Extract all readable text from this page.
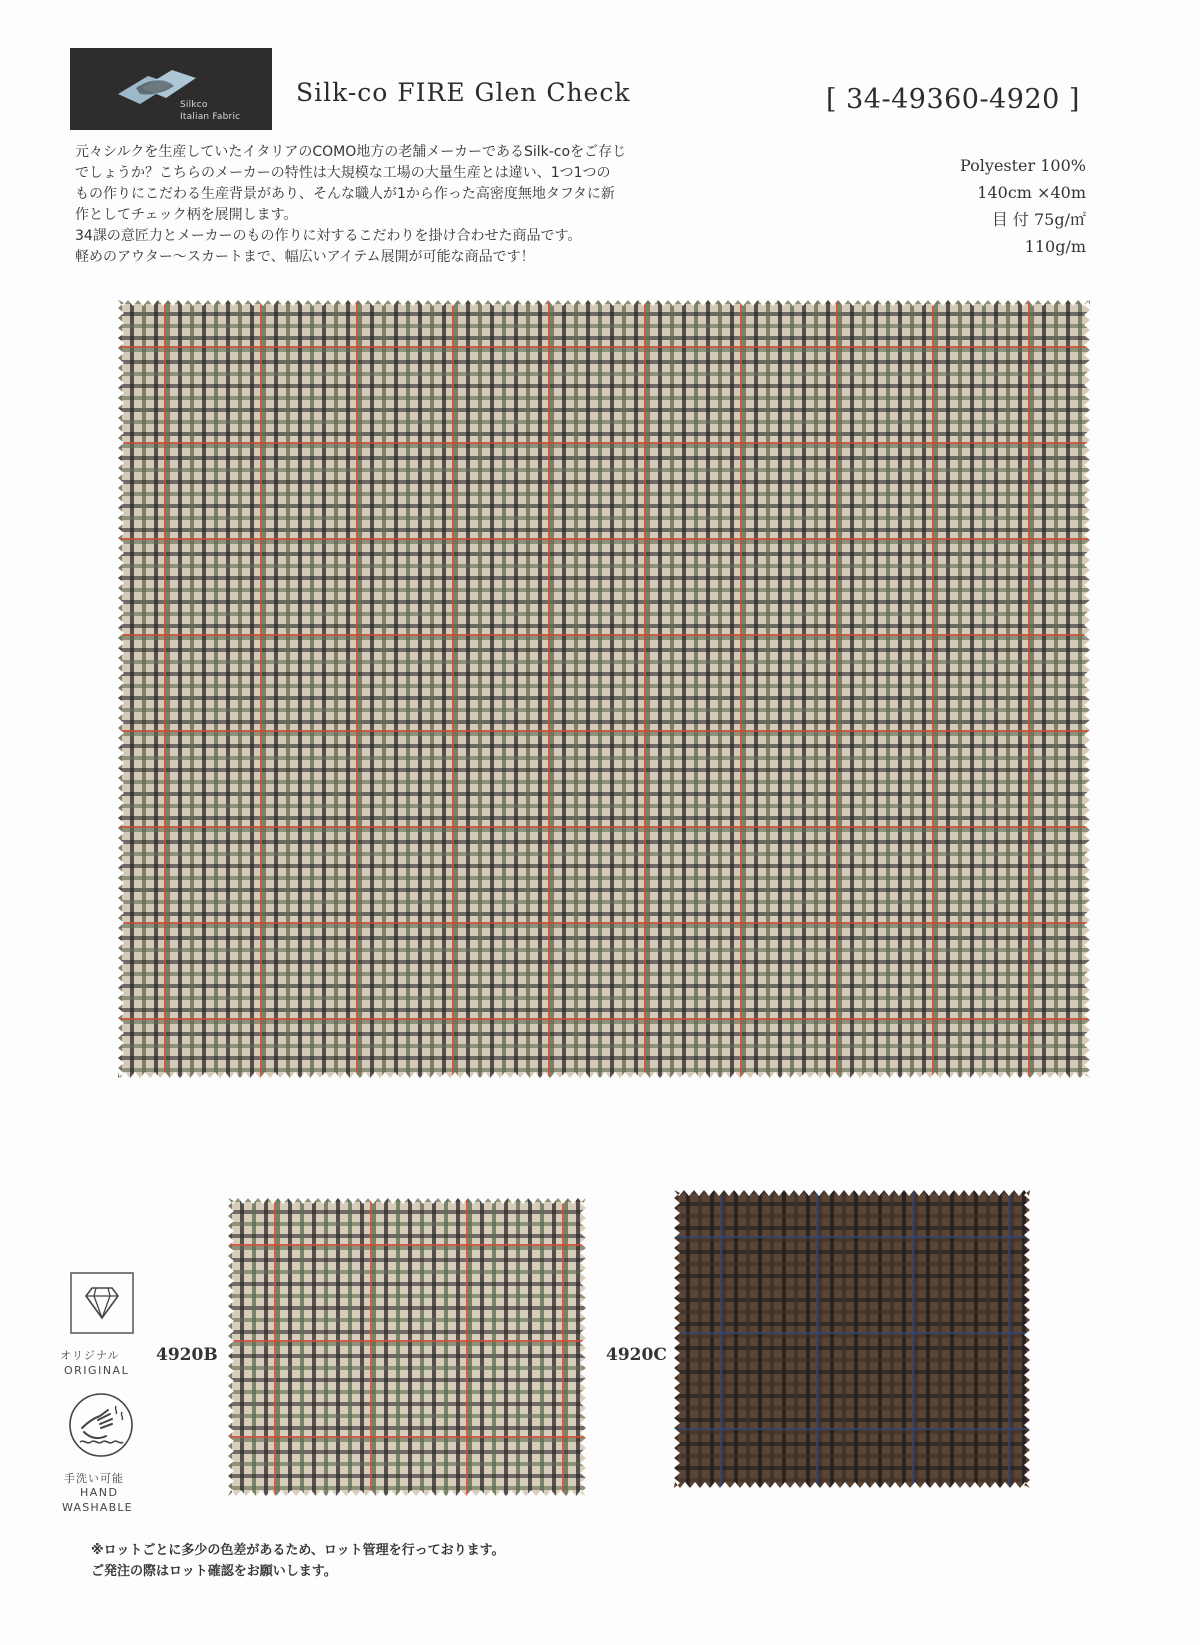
Silkco
Italian Fabric
Silk-co FIRE Glen Check	[ 34-49360-4920 ]
元々シルクを生産していたイタリアのCOMO地方の老舗メーカーであるSilk-coをご存じ
でしょうか？こちらのメーカーの特性は大規模な工場の大量生産とは違い、1つ1つの
もの作りにこだわる生産背景があり、そんな職人が1から作った高密度無地タフタに新
作としてチェック柄を展開します。
34課の意匠力とメーカーのもの作りに対するこだわりを掛け合わせた商品です。
軽めのアウター～スカートまで、幅広いアイテム展開が可能な商品です！
Polyester 100%
140cm ×40m
目 付 75g/㎡
110g/m
4920B	4920C
オリジナル
ORIGINAL
手洗い可能
HAND
WASHABLE
※ロットごとに多少の色差があるため、ロット管理を行っております。
ご発注の際はロット確認をお願いします。
